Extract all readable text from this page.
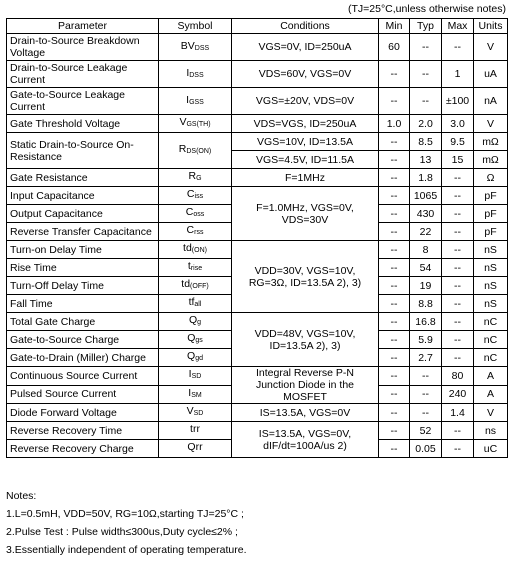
(TJ=25°C,unless otherwise notes)
Parameter	Symbol	Conditions	Min	Typ	Max	Units
Drain-to-Source Breakdown Voltage	BVDSS	VGS=0V, ID=250uA	60	--	--	V
Drain-to-Source Leakage Current	IDSS	VDS=60V, VGS=0V	--	--	1	uA
Gate-to-Source Leakage Current	IGSS	VGS=±20V, VDS=0V	--	--	±100	nA
Gate Threshold Voltage	VGS(TH)	VDS=VGS, ID=250uA	1.0	2.0	3.0	V
Static Drain-to-Source On-Resistance	RDS(ON)	VGS=10V, ID=13.5A	--	8.5	9.5	mΩ
		VGS=4.5V, ID=11.5A	--	13	15	mΩ
Gate Resistance	RG	F=1MHz	--	1.8	--	Ω
Input Capacitance	Ciss	F=1.0MHz, VGS=0V, VDS=30V	--	1065	--	pF
Output Capacitance	Coss		--	430	--	pF
Reverse Transfer Capacitance	Crss		--	22	--	pF
Turn-on Delay Time	td(ON)	VDD=30V, VGS=10V, RG=3Ω, ID=13.5A 2), 3)	--	8	--	nS
Rise Time	trise		--	54	--	nS
Turn-Off Delay Time	td(OFF)		--	19	--	nS
Fall Time	tfall		--	8.8	--	nS
Total Gate Charge	Qg	VDD=48V, VGS=10V, ID=13.5A 2), 3)	--	16.8	--	nC
Gate-to-Source Charge	Qgs		--	5.9	--	nC
Gate-to-Drain (Miller) Charge	Qgd		--	2.7	--	nC
Continuous Source Current	ISD	Integral Reverse P-N Junction Diode in the MOSFET	--	--	80	A
Pulsed Source Current	ISM		--	--	240	A
Diode Forward Voltage	VSD	IS=13.5A, VGS=0V	--	--	1.4	V
Reverse Recovery Time	trr	IS=13.5A, VGS=0V, dIF/dt=100A/us 2)	--	52	--	ns
Reverse Recovery Charge	Qrr		--	0.05	--	uC
Notes:
1.L=0.5mH, VDD=50V, RG=10Ω,starting TJ=25°C ;
2.Pulse Test : Pulse width≤300us,Duty cycle≤2% ;
3.Essentially independent of operating temperature.
